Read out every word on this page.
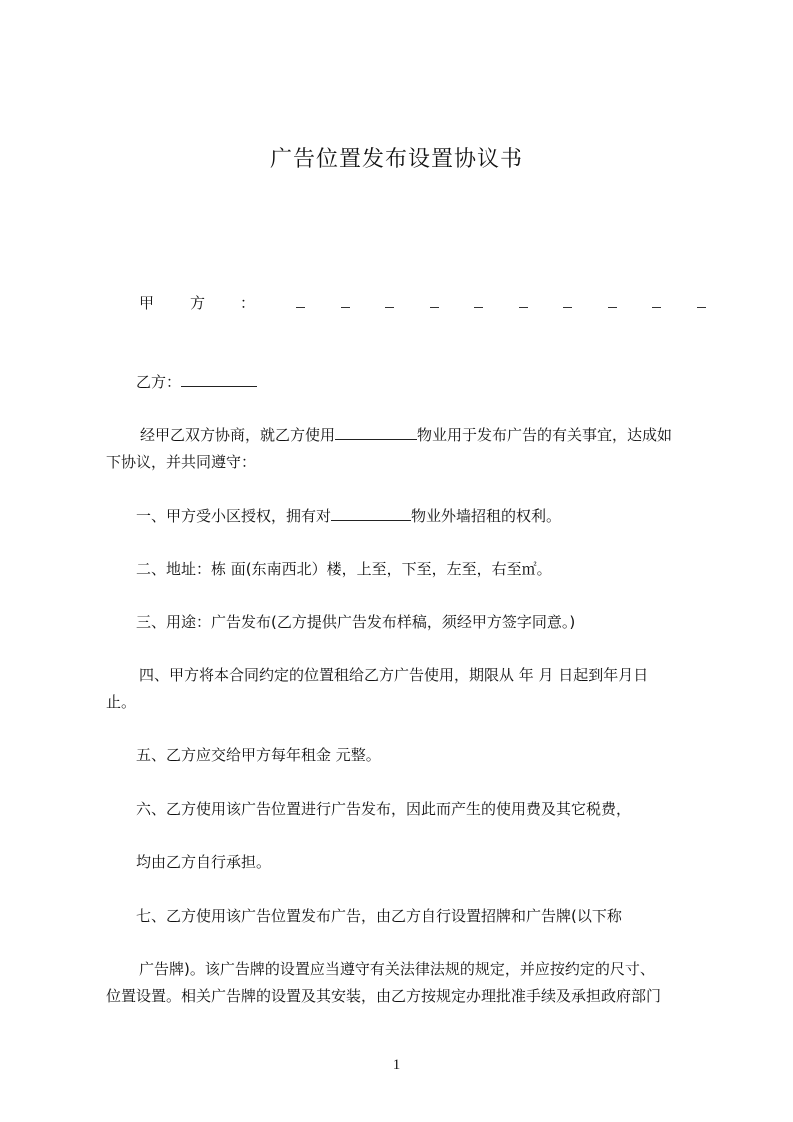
广告位置发布设置协议书
甲 方 ：
乙方：
经甲乙双方协商，就乙方使用	物业用于发布广告的有关事宜，达成如
下协议，并共同遵守：
一、甲方受小区授权，拥有对	物业外墙招租的权利。
二、地址：栋 面(东南西北）楼，上至，下至，左至，右至㎡。
三、用途：广告发布(乙方提供广告发布样稿，须经甲方签字同意。)
四、甲方将本合同约定的位置租给乙方广告使用，期限从 年 月 日起到年月日
止。
五、乙方应交给甲方每年租金 元整。
六、乙方使用该广告位置进行广告发布，因此而产生的使用费及其它税费，
均由乙方自行承担。
七、乙方使用该广告位置发布广告，由乙方自行设置招牌和广告牌(以下称
广告牌)。该广告牌的设置应当遵守有关法律法规的规定，并应按约定的尺寸、
位置设置。相关广告牌的设置及其安装，由乙方按规定办理批准手续及承担政府部门
1
